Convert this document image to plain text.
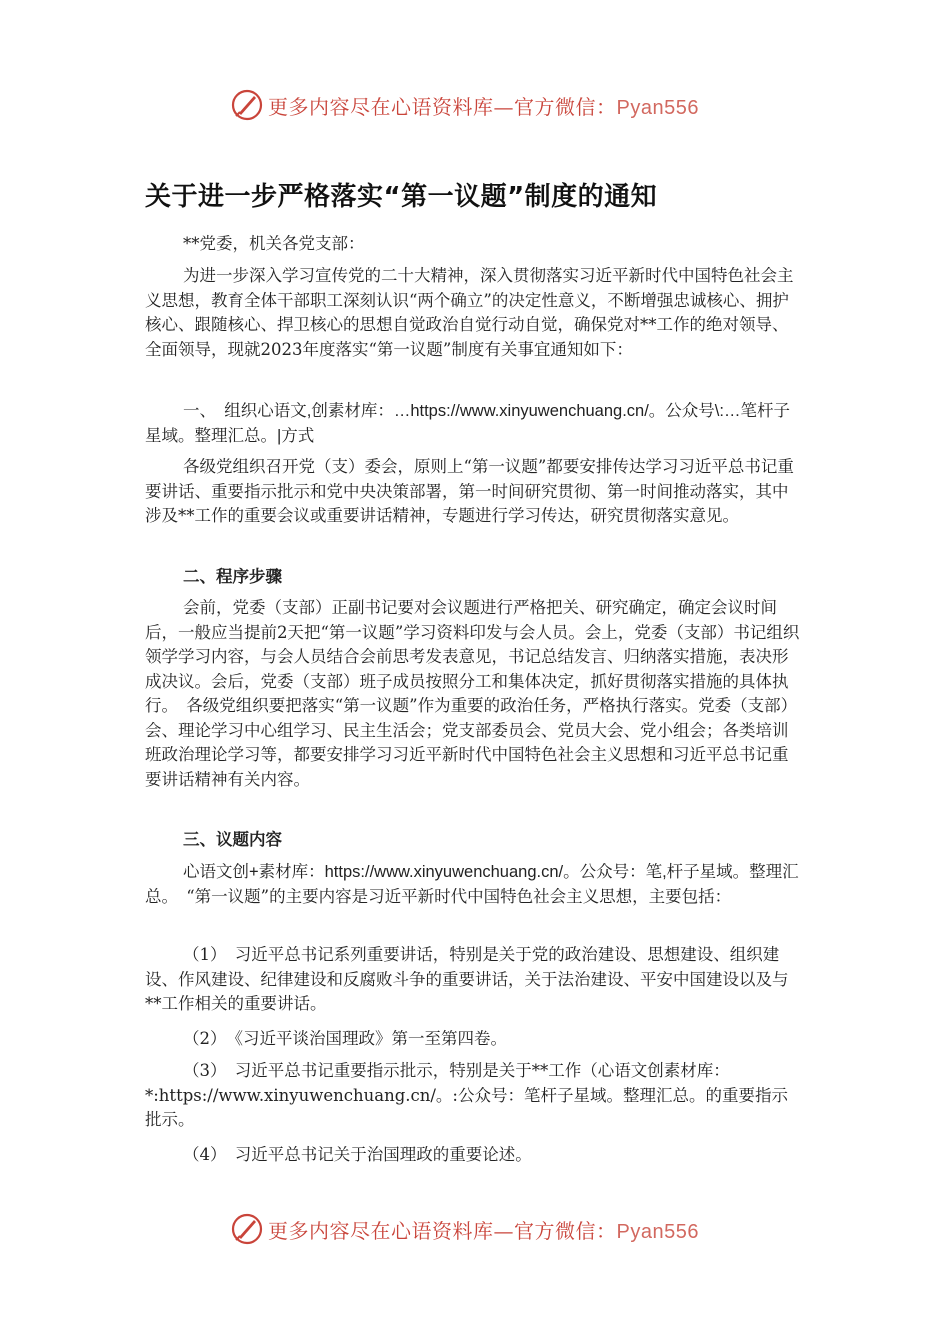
更多内容尽在心语资料库—官方微信：Pyan556
关于进一步严格落实“第一议题”制度的通知

**党委，机关各党支部：

为进一步深入学习宣传党的二十大精神，深入贯彻落实习近平新时代中国特色社会主义思想，教育全体干部职工深刻认识“两个确立”的决定性意义，不断增强忠诚核心、拥护核心、跟随核心、捍卫核心的思想自觉政治自觉行动自觉，确保党对**工作的绝对领导、全面领导，现就2023年度落实“第一议题”制度有关事宜通知如下：

一、　组织心语文,创素材库：…https://www.xinyuwenchuang.cn/。公众号\:…笔杆子星域。整理汇总。|方式

各级党组织召开党（支）委会，原则上“第一议题”都要安排传达学习习近平总书记重要讲话、重要指示批示和党中央决策部署，第一时间研究贯彻、第一时间推动落实，其中涉及**工作的重要会议或重要讲话精神，专题进行学习传达，研究贯彻落实意见。

二、程序步骤

会前，党委（支部）正副书记要对会议题进行严格把关、研究确定，确定会议时间后，一般应当提前2天把“第一议题”学习资料印发与会人员。会上，党委（支部）书记组织领学学习内容，与会人员结合会前思考发表意见，书记总结发言、归纳落实措施，表决形成决议。会后，党委（支部）班子成员按照分工和集体决定，抓好贯彻落实措施的具体执行。　各级党组织要把落实“第一议题”作为重要的政治任务，严格执行落实。党委（支部）会、理论学习中心组学习、民主生活会；党支部委员会、党员大会、党小组会；各类培训班政治理论学习等，都要安排学习习近平新时代中国特色社会主义思想和习近平总书记重要讲话精神有关内容。

三、议题内容

心语文创+素材库：https://www.xinyuwenchuang.cn/。公众号：笔,杆子星域。整理汇总。　“第一议题”的主要内容是习近平新时代中国特色社会主义思想，主要包括：

（1）　 习近平总书记系列重要讲话，特别是关于党的政治建设、思想建设、组织建设、作风建设、纪律建设和反腐败斗争的重要讲话，关于法治建设、平安中国建设以及与**工作相关的重要讲话。

（2）　 《习近平谈治国理政》第一至第四卷。

（3）　 习近平总书记重要指示批示，特别是关于**工作（心语文创素材库：*:https://www.xinyuwenchuang.cn/。:公众号：笔杆子星域。整理汇总。的重要指示批示。

（4）　 习近平总书记关于治国理政的重要论述。

更多内容尽在心语资料库—官方微信：Pyan556
